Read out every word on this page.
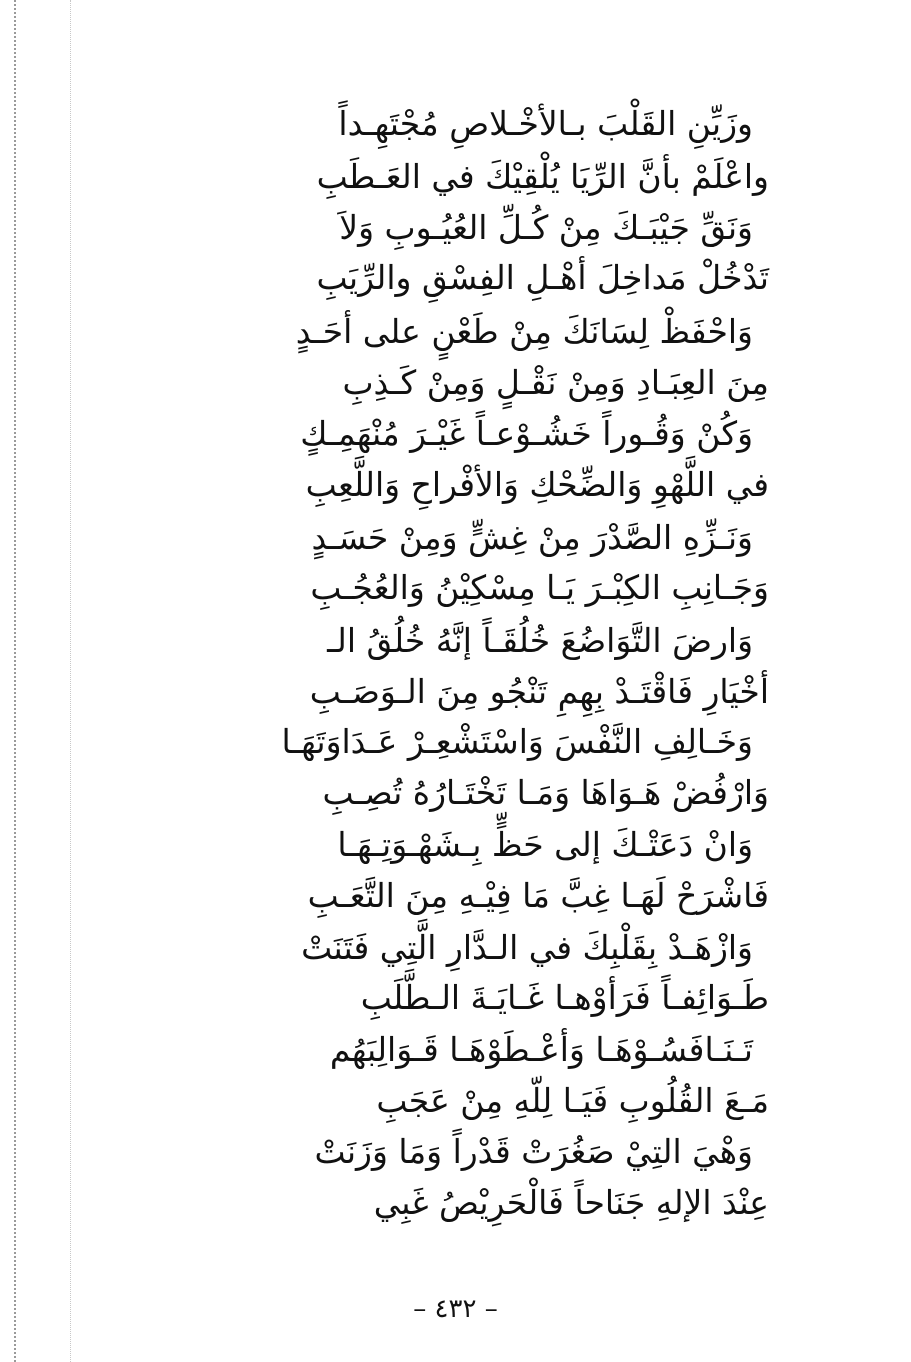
وزَيِّنِ القَلْبَ بـالأخْـلاصِ مُجْتَهِـداً
واعْلَمْ بأنَّ الرِّيَا يُلْقِيْكَ في العَـطَبِ
وَنَقِّ جَيْبَـكَ مِنْ كُـلِّ العُيُـوبِ وَلاَ
تَدْخُلْ مَداخِلَ أهْـلِ الفِسْقِ والرِّيَبِ
وَاحْفَظْ لِسَانَكَ مِنْ طَعْنٍ على أحَـدٍ
مِنَ العِبَـادِ وَمِنْ نَقْـلٍ وَمِنْ كَـذِبِ
وَكُنْ وَقُـوراً خَشُـوْعـاً غَيْـرَ مُنْهَمِـكٍ
في اللَّهْوِ وَالضِّحْكِ وَالأفْراحِ وَاللَّعِبِ
وَنَـزِّهِ الصَّدْرَ مِنْ غِشٍّ وَمِنْ حَسَـدٍ
وَجَـانِبِ الكِبْـرَ يَـا مِسْكِيْنُ وَالعُجُـبِ
وَارضَ التَّوَاضُعَ خُلُقَـاً إنَّهُ خُلُقُ الـ
أخْيَارِ فَاقْتَـدْ بِهِمِ تَنْجُو مِنَ الـوَصَـبِ
وَخَـالِفِ النَّفْسَ وَاسْتَشْعِـرْ عَـدَاوَتَهَـا
وَارْفُضْ هَـوَاهَا وَمَـا تَخْتَـارُهُ تُصِـبِ
وَانْ دَعَتْـكَ إلى حَظٍّ بِـشَهْـوَتِـهَـا
فَاشْرَحْ لَهَـا غِبَّ مَا فِيْـهِ مِنَ التَّعَـبِ
وَازْهَـدْ بِقَلْبِكَ في الـدَّارِ الَّتِي فَتَنَتْ
طَـوَائِفـاً فَرَأوْهـا غَـايَـةَ الـطَّلَبِ
تَـنَـافَسُـوْهَـا وَأعْـطَوْهَـا قَـوَالِبَهُم
مَـعَ القُلُوبِ فَيَـا لِلّهِ مِنْ عَجَبِ
وَهْيَ التِيْ صَغُرَتْ قَدْراً وَمَا وَزَنَتْ
عِنْدَ الإلهِ جَنَاحاً فَالْحَرِيْصُ غَبِي
– ٤٣٢ –
